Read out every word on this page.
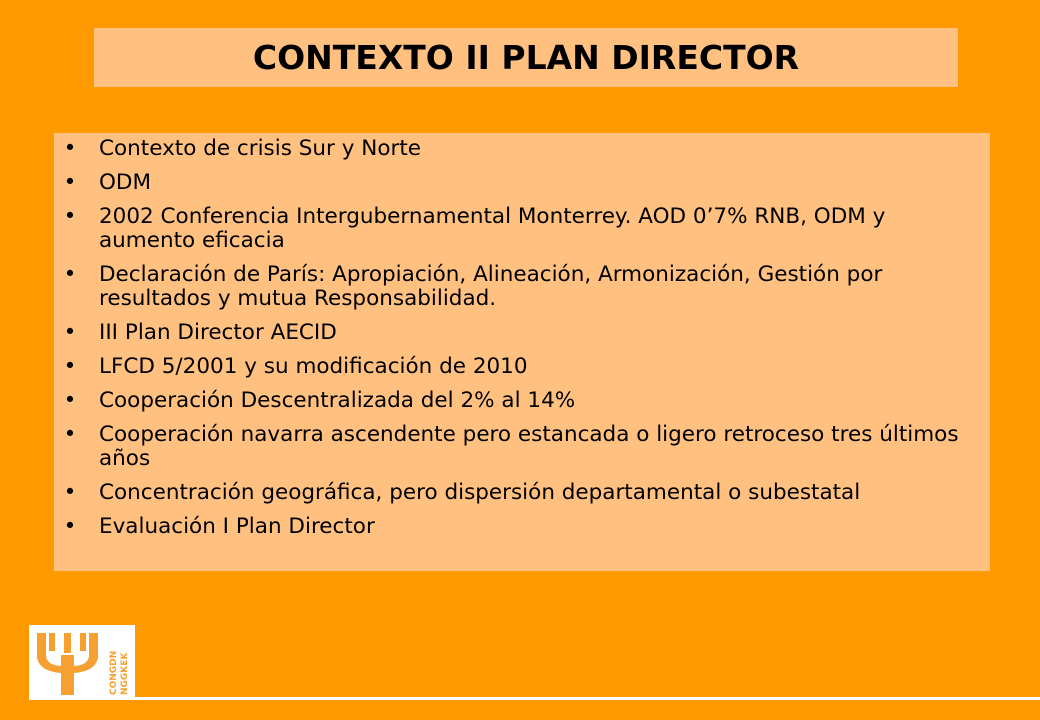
CONTEXTO II PLAN DIRECTOR
• Contexto de crisis Sur y Norte
• ODM
• 2002 Conferencia Intergubernamental Monterrey. AOD 0’7% RNB, ODM y aumento eficacia
• Declaración de París: Apropiación, Alineación, Armonización, Gestión por resultados y mutua Responsabilidad.
• III Plan Director AECID
• LFCD 5/2001 y su modificación de 2010
• Cooperación Descentralizada del 2% al 14%
• Cooperación navarra ascendente pero estancada o ligero retroceso tres últimos años
• Concentración geográfica, pero dispersión departamental o subestatal
• Evaluación I Plan Director
CONGDN NGGKEK
